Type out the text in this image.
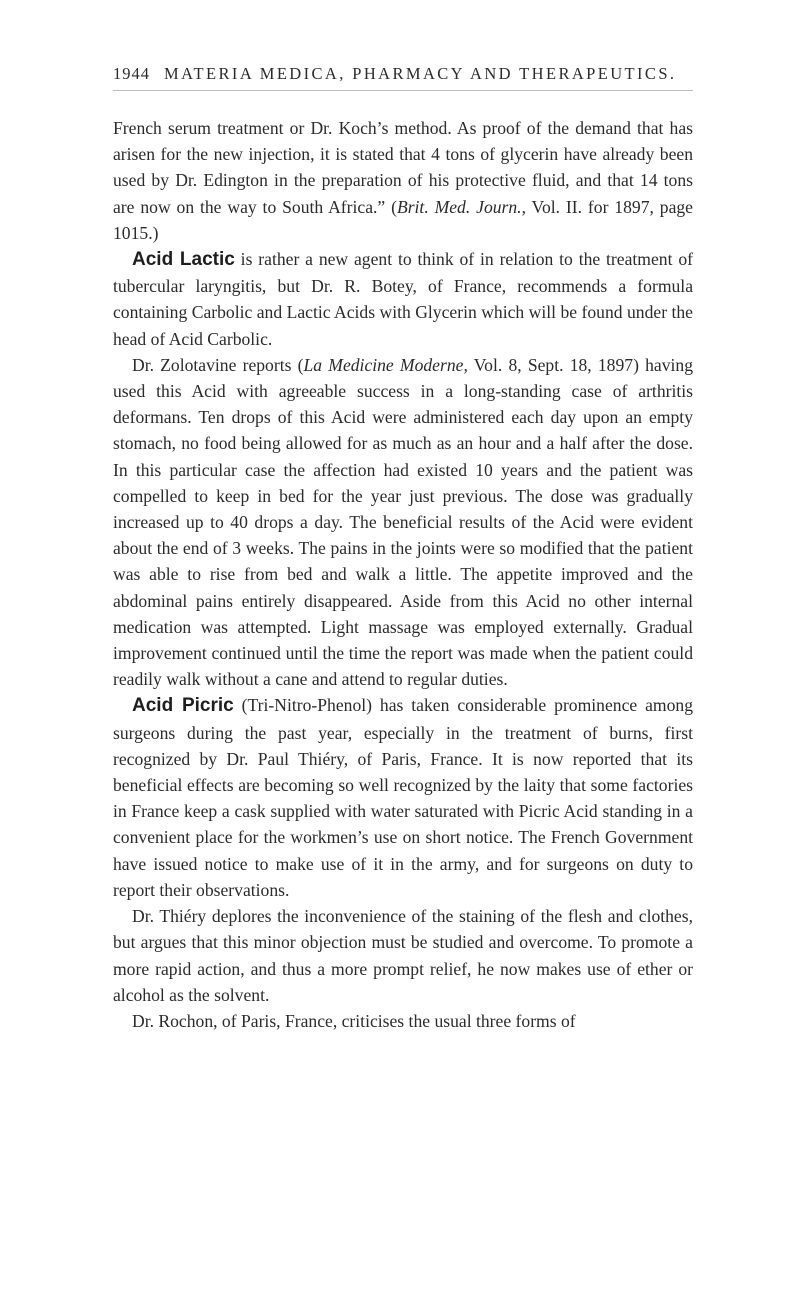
1944 MATERIA MEDICA, PHARMACY AND THERAPEUTICS.

French serum treatment or Dr. Koch’s method. As proof of the demand that has arisen for the new injection, it is stated that 4 tons of glycerin have already been used by Dr. Edington in the preparation of his protective fluid, and that 14 tons are now on the way to South Africa.” (Brit. Med. Journ., Vol. II. for 1897, page 1015.)

Acid Lactic is rather a new agent to think of in relation to the treatment of tubercular laryngitis, but Dr. R. Botey, of France, recommends a formula containing Carbolic and Lactic Acids with Glycerin which will be found under the head of Acid Carbolic.

Dr. Zolotavine reports (La Medicine Moderne, Vol. 8, Sept. 18, 1897) having used this Acid with agreeable success in a long-standing case of arthritis deformans. Ten drops of this Acid were administered each day upon an empty stomach, no food being allowed for as much as an hour and a half after the dose. In this particular case the affection had existed 10 years and the patient was compelled to keep in bed for the year just previous. The dose was gradually increased up to 40 drops a day. The beneficial results of the Acid were evident about the end of 3 weeks. The pains in the joints were so modified that the patient was able to rise from bed and walk a little. The appetite improved and the abdominal pains entirely disappeared. Aside from this Acid no other internal medication was attempted. Light massage was employed externally. Gradual improvement continued until the time the report was made when the patient could readily walk without a cane and attend to regular duties.

Acid Picric (Tri-Nitro-Phenol) has taken considerable prominence among surgeons during the past year, especially in the treatment of burns, first recognized by Dr. Paul Thiéry, of Paris, France. It is now reported that its beneficial effects are becoming so well recognized by the laity that some factories in France keep a cask supplied with water saturated with Picric Acid standing in a convenient place for the workmen’s use on short notice. The French Government have issued notice to make use of it in the army, and for surgeons on duty to report their observations.

Dr. Thiéry deplores the inconvenience of the staining of the flesh and clothes, but argues that this minor objection must be studied and overcome. To promote a more rapid action, and thus a more prompt relief, he now makes use of ether or alcohol as the solvent.

Dr. Rochon, of Paris, France, criticises the usual three forms of
